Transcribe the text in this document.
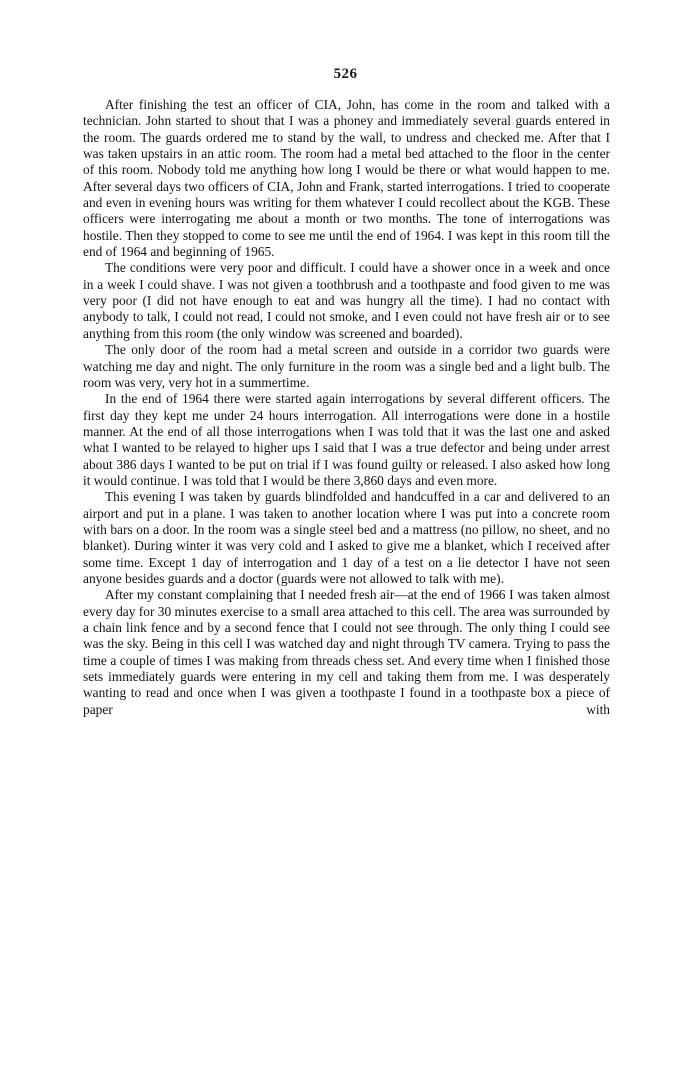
526

After finishing the test an officer of CIA, John, has come in the room and talked with a technician. John started to shout that I was a phoney and immediately several guards entered in the room. The guards ordered me to stand by the wall, to undress and checked me. After that I was taken upstairs in an attic room. The room had a metal bed attached to the floor in the center of this room. Nobody told me anything how long I would be there or what would happen to me. After several days two officers of CIA, John and Frank, started interrogations. I tried to cooperate and even in evening hours was writing for them whatever I could recollect about the KGB. These officers were interrogating me about a month or two months. The tone of interrogations was hostile. Then they stopped to come to see me until the end of 1964. I was kept in this room till the end of 1964 and beginning of 1965.

The conditions were very poor and difficult. I could have a shower once in a week and once in a week I could shave. I was not given a toothbrush and a toothpaste and food given to me was very poor (I did not have enough to eat and was hungry all the time). I had no contact with anybody to talk, I could not read, I could not smoke, and I even could not have fresh air or to see anything from this room (the only window was screened and boarded).

The only door of the room had a metal screen and outside in a corridor two guards were watching me day and night. The only furniture in the room was a single bed and a light bulb. The room was very, very hot in a summertime.

In the end of 1964 there were started again interrogations by several different officers. The first day they kept me under 24 hours interrogation. All interrogations were done in a hostile manner. At the end of all those interrogations when I was told that it was the last one and asked what I wanted to be relayed to higher ups I said that I was a true defector and being under arrest about 386 days I wanted to be put on trial if I was found guilty or released. I also asked how long it would continue. I was told that I would be there 3,860 days and even more.

This evening I was taken by guards blindfolded and handcuffed in a car and delivered to an airport and put in a plane. I was taken to another location where I was put into a concrete room with bars on a door. In the room was a single steel bed and a mattress (no pillow, no sheet, and no blanket). During winter it was very cold and I asked to give me a blanket, which I received after some time. Except 1 day of interrogation and 1 day of a test on a lie detector I have not seen anyone besides guards and a doctor (guards were not allowed to talk with me).

After my constant complaining that I needed fresh air—at the end of 1966 I was taken almost every day for 30 minutes exercise to a small area attached to this cell. The area was surrounded by a chain link fence and by a second fence that I could not see through. The only thing I could see was the sky. Being in this cell I was watched day and night through TV camera. Trying to pass the time a couple of times I was making from threads chess set. And every time when I finished those sets immediately guards were entering in my cell and taking them from me. I was desperately wanting to read and once when I was given a toothpaste I found in a toothpaste box a piece of paper with
